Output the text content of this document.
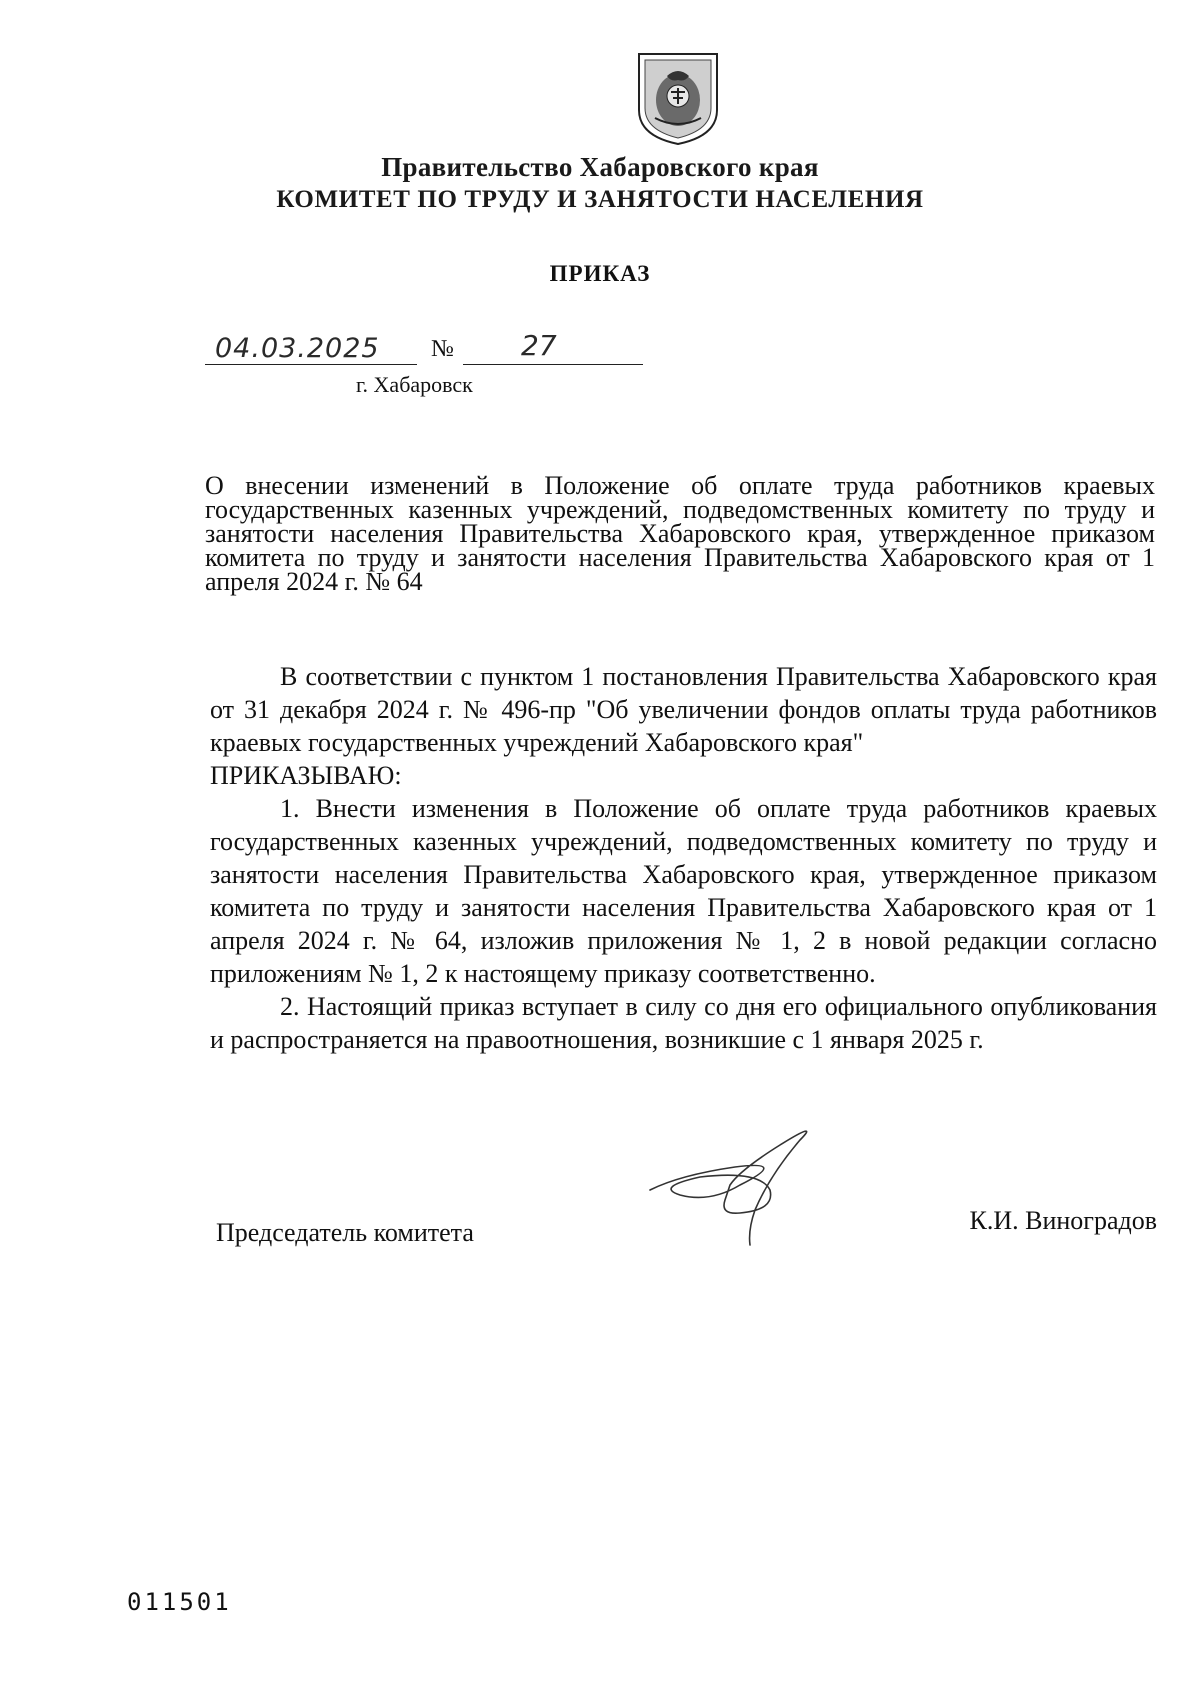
Правительство Хабаровского края
КОМИТЕТ ПО ТРУДУ И ЗАНЯТОСТИ НАСЕЛЕНИЯ
ПРИКАЗ
04.03.2025 № 27
г. Хабаровск
О внесении изменений в Положение об оплате труда работников краевых государственных казенных учреждений, подведомственных комитету по труду и занятости населения Правительства Хабаровского края, утвержденное приказом комитета по труду и занятости населения Правительства Хабаровского края от 1 апреля 2024 г. № 64

В соответствии с пунктом 1 постановления Правительства Хабаровского края от 31 декабря 2024 г. № 496-пр "Об увеличении фондов оплаты труда работников краевых государственных учреждений Хабаровского края"

ПРИКАЗЫВАЮ:

1. Внести изменения в Положение об оплате труда работников краевых государственных казенных учреждений, подведомственных комитету по труду и занятости населения Правительства Хабаровского края, утвержденное приказом комитета по труду и занятости населения Правительства Хабаровского края от 1 апреля 2024 г. № 64, изложив приложения № 1, 2 в новой редакции согласно приложениям № 1, 2 к настоящему приказу соответственно.

2. Настоящий приказ вступает в силу со дня его официального опубликования и распространяется на правоотношения, возникшие с 1 января 2025 г.

Председатель комитета	К.И. Виноградов
011501
